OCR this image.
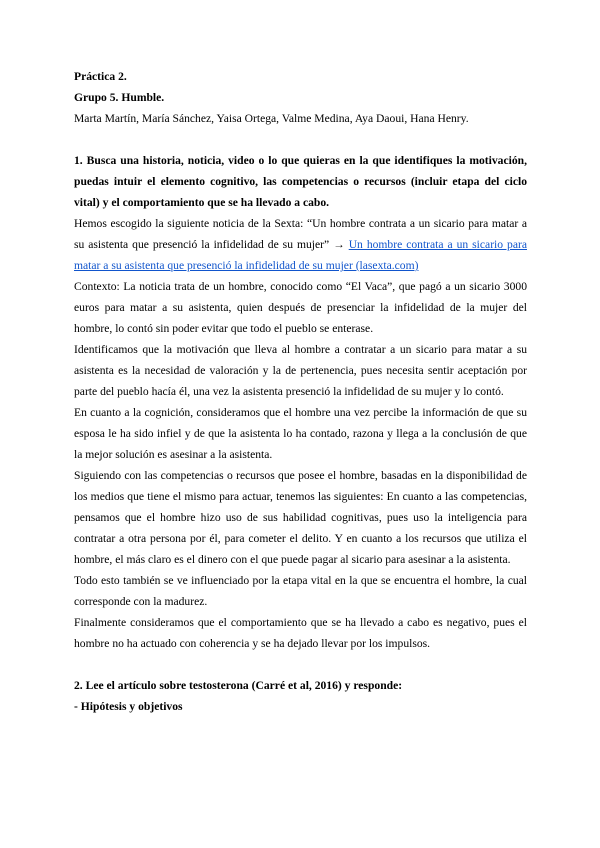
Práctica 2.

Grupo 5. Humble.

Marta Martín, María Sánchez, Yaisa Ortega, Valme Medina, Aya Daoui, Hana Henry.

1. Busca una historia, noticia, video o lo que quieras en la que identifiques la motivación, puedas intuir el elemento cognitivo, las competencias o recursos (incluir etapa del ciclo vital) y el comportamiento que se ha llevado a cabo.

Hemos escogido la siguiente noticia de la Sexta: “Un hombre contrata a un sicario para matar a su asistenta que presenció la infidelidad de su mujer” → Un hombre contrata a un sicario para matar a su asistenta que presenció la infidelidad de su mujer (lasexta.com)

Contexto: La noticia trata de un hombre, conocido como “El Vaca”, que pagó a un sicario 3000 euros para matar a su asistenta, quien después de presenciar la infidelidad de la mujer del hombre, lo contó sin poder evitar que todo el pueblo se enterase.

Identificamos que la motivación que lleva al hombre a contratar a un sicario para matar a su asistenta es la necesidad de valoración y la de pertenencia, pues necesita sentir aceptación por parte del pueblo hacía él, una vez la asistenta presenció la infidelidad de su mujer y lo contó.

En cuanto a la cognición, consideramos que el hombre una vez percibe la información de que su esposa le ha sido infiel y de que la asistenta lo ha contado, razona y llega a la conclusión de que la mejor solución es asesinar a la asistenta.

Siguiendo con las competencias o recursos que posee el hombre, basadas en la disponibilidad de los medios que tiene el mismo para actuar, tenemos las siguientes: En cuanto a las competencias, pensamos que el hombre hizo uso de sus habilidad cognitivas, pues uso la inteligencia para contratar a otra persona por él, para cometer el delito. Y en cuanto a los recursos que utiliza el hombre, el más claro es el dinero con el que puede pagar al sicario para asesinar a la asistenta.

Todo esto también se ve influenciado por la etapa vital en la que se encuentra el hombre, la cual corresponde con la madurez.

Finalmente consideramos que el comportamiento que se ha llevado a cabo es negativo, pues el hombre no ha actuado con coherencia y se ha dejado llevar por los impulsos.

2. Lee el artículo sobre testosterona (Carré et al, 2016) y responde:

- Hipótesis y objetivos
